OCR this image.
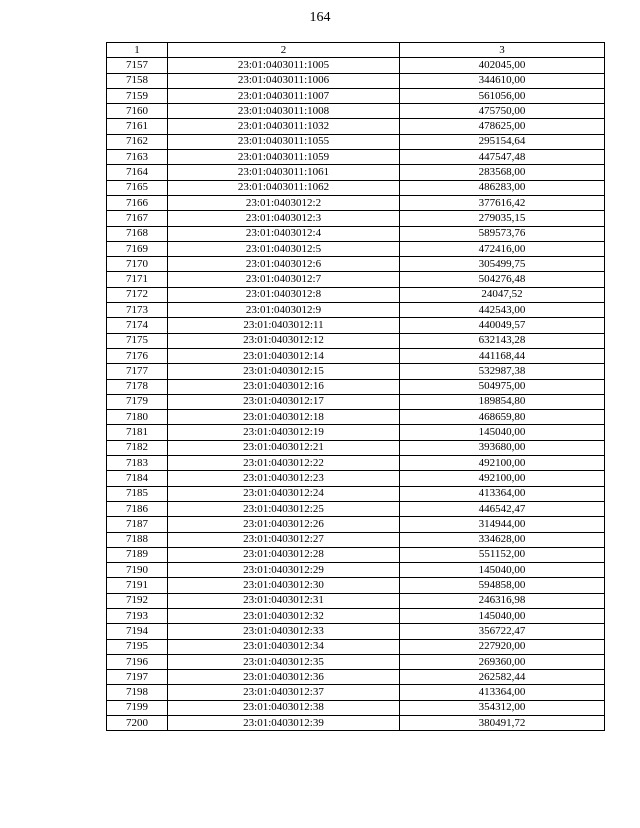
164
1	2	3
7157	23:01:0403011:1005	402045,00
7158	23:01:0403011:1006	344610,00
7159	23:01:0403011:1007	561056,00
7160	23:01:0403011:1008	475750,00
7161	23:01:0403011:1032	478625,00
7162	23:01:0403011:1055	295154,64
7163	23:01:0403011:1059	447547,48
7164	23:01:0403011:1061	283568,00
7165	23:01:0403011:1062	486283,00
7166	23:01:0403012:2	377616,42
7167	23:01:0403012:3	279035,15
7168	23:01:0403012:4	589573,76
7169	23:01:0403012:5	472416,00
7170	23:01:0403012:6	305499,75
7171	23:01:0403012:7	504276,48
7172	23:01:0403012:8	24047,52
7173	23:01:0403012:9	442543,00
7174	23:01:0403012:11	440049,57
7175	23:01:0403012:12	632143,28
7176	23:01:0403012:14	441168,44
7177	23:01:0403012:15	532987,38
7178	23:01:0403012:16	504975,00
7179	23:01:0403012:17	189854,80
7180	23:01:0403012:18	468659,80
7181	23:01:0403012:19	145040,00
7182	23:01:0403012:21	393680,00
7183	23:01:0403012:22	492100,00
7184	23:01:0403012:23	492100,00
7185	23:01:0403012:24	413364,00
7186	23:01:0403012:25	446542,47
7187	23:01:0403012:26	314944,00
7188	23:01:0403012:27	334628,00
7189	23:01:0403012:28	551152,00
7190	23:01:0403012:29	145040,00
7191	23:01:0403012:30	594858,00
7192	23:01:0403012:31	246316,98
7193	23:01:0403012:32	145040,00
7194	23:01:0403012:33	356722,47
7195	23:01:0403012:34	227920,00
7196	23:01:0403012:35	269360,00
7197	23:01:0403012:36	262582,44
7198	23:01:0403012:37	413364,00
7199	23:01:0403012:38	354312,00
7200	23:01:0403012:39	380491,72
